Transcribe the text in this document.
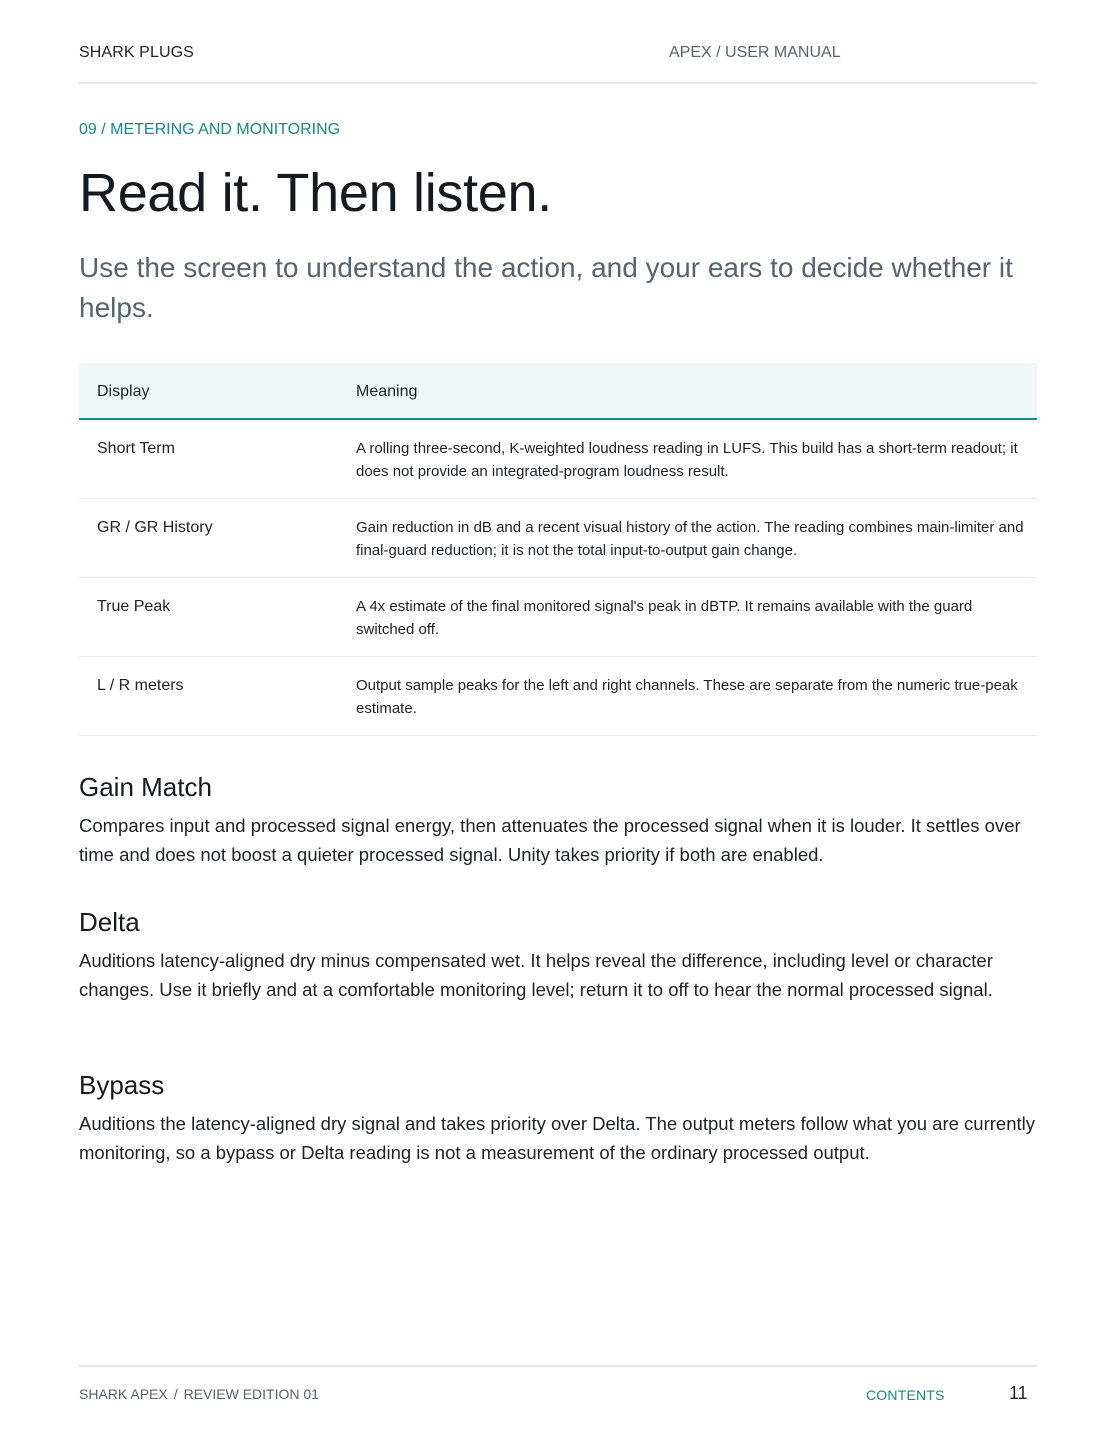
SHARK PLUGS	APEX / USER MANUAL
09 / METERING AND MONITORING
Read it. Then listen.

Use the screen to understand the action, and your ears to decide whether it helps.

Display	Meaning
Short Term	A rolling three-second, K-weighted loudness reading in LUFS. This build has a short-term readout; it does not provide an integrated-program loudness result.
GR / GR History	Gain reduction in dB and a recent visual history of the action. The reading combines main-limiter and final-guard reduction; it is not the total input-to-output gain change.
True Peak	A 4x estimate of the final monitored signal's peak in dBTP. It remains available with the guard switched off.
L / R meters	Output sample peaks for the left and right channels. These are separate from the numeric true-peak estimate.
Gain Match

Compares input and processed signal energy, then attenuates the processed signal when it is louder. It settles over time and does not boost a quieter processed signal. Unity takes priority if both are enabled.

Delta

Auditions latency-aligned dry minus compensated wet. It helps reveal the difference, including level or character changes. Use it briefly and at a comfortable monitoring level; return it to off to hear the normal processed signal.

Bypass

Auditions the latency-aligned dry signal and takes priority over Delta. The output meters follow what you are currently monitoring, so a bypass or Delta reading is not a measurement of the ordinary processed output.

SHARK APEX / REVIEW EDITION 01	CONTENTS	11
